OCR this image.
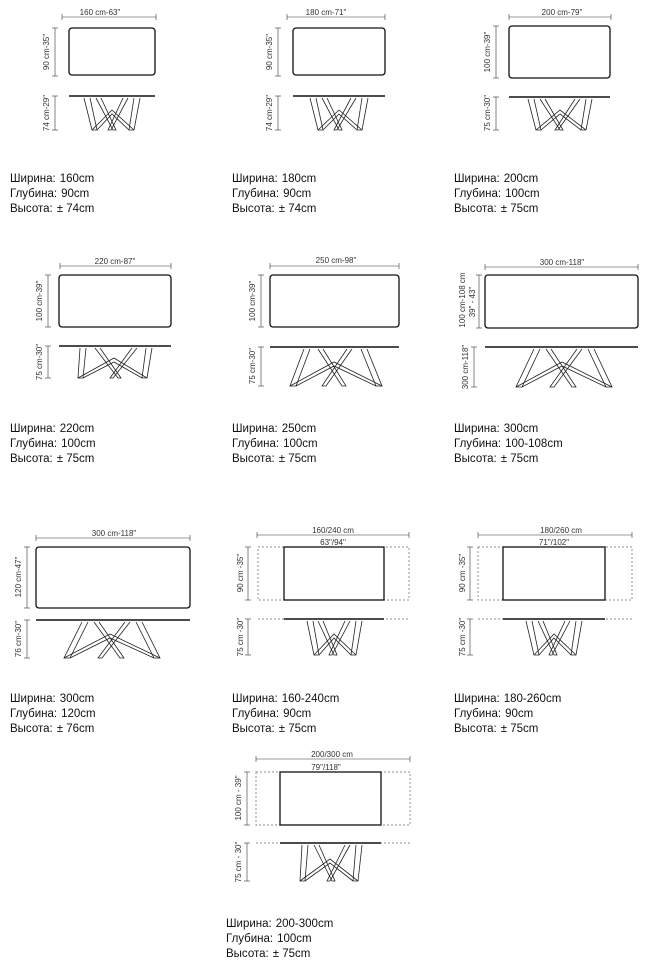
160 cm-63"
90 cm-35"
74 cm-29"
Ширина: 160cm
Глубина: 90cm
Высота: ± 74cm
180 cm-71"
90 cm-35"
74 cm-29"
Ширина: 180cm
Глубина: 90cm
Высота: ± 74cm
200 cm-79"
100 cm-39"
75 cm-30"
Ширина: 200cm
Глубина: 100cm
Высота: ± 75cm
220 cm-87"
100 cm-39"
75 cm-30"
Ширина: 220cm
Глубина: 100cm
Высота: ± 75cm
250 cm-98"
100 cm-39"
75 cm-30"
Ширина: 250cm
Глубина: 100cm
Высота: ± 75cm
300 cm-118"
100 cm-108 cm 39" - 43"
300 cm-118"
Ширина: 300cm
Глубина: 100-108cm
Высота: ± 75cm
300 cm-118"
120 cm-47"
76 cm-30"
Ширина: 300cm
Глубина: 120cm
Высота: ± 76cm
160/240 cm
63"/94"
90 cm -35"
75 cm -30"
Ширина: 160-240cm
Глубина: 90cm
Высота: ± 75cm
180/260 cm
71"/102"
90 cm -35"
75 cm -30"
Ширина: 180-260cm
Глубина: 90cm
Высота: ± 75cm
200/300 cm
79"/118"
100 cm - 39"
75 cm - 30"
Ширина: 200-300cm
Глубина: 100cm
Высота: ± 75cm
